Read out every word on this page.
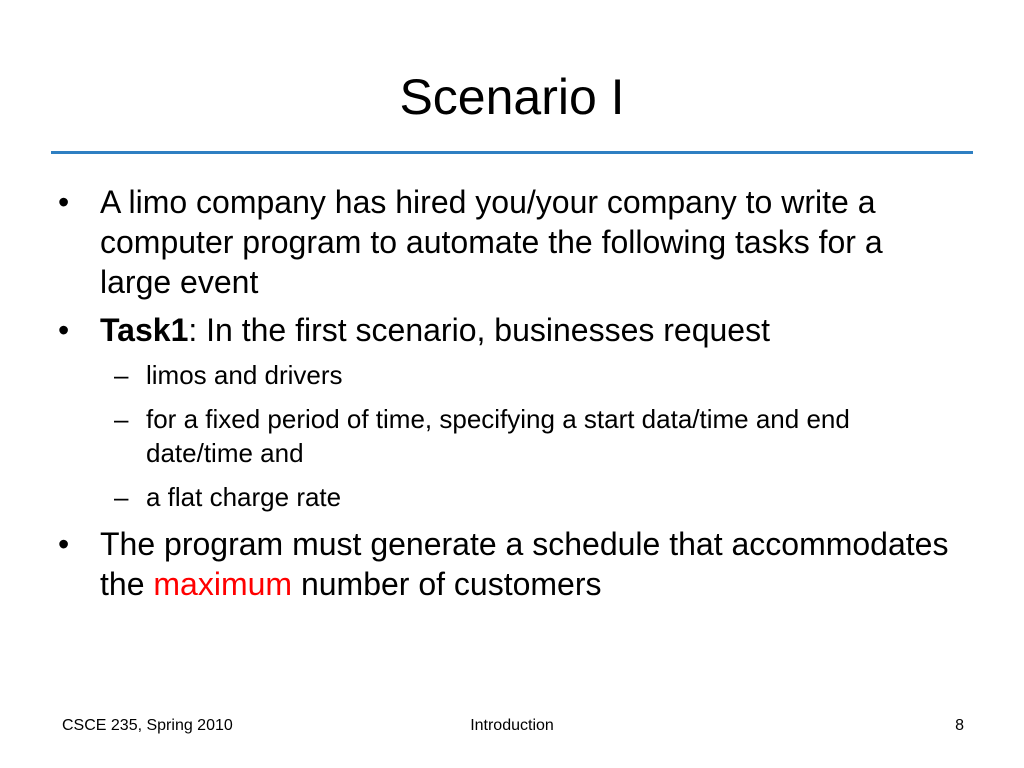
Scenario I
• A limo company has hired you/your company to write a computer program to automate the following tasks for a large event
• Task1: In the first scenario, businesses request
– limos and drivers
– for a fixed period of time, specifying a start data/time and end date/time and
– a flat charge rate
• The program must generate a schedule that accommodates the maximum number of customers
CSCE 235, Spring 2010	Introduction	8
